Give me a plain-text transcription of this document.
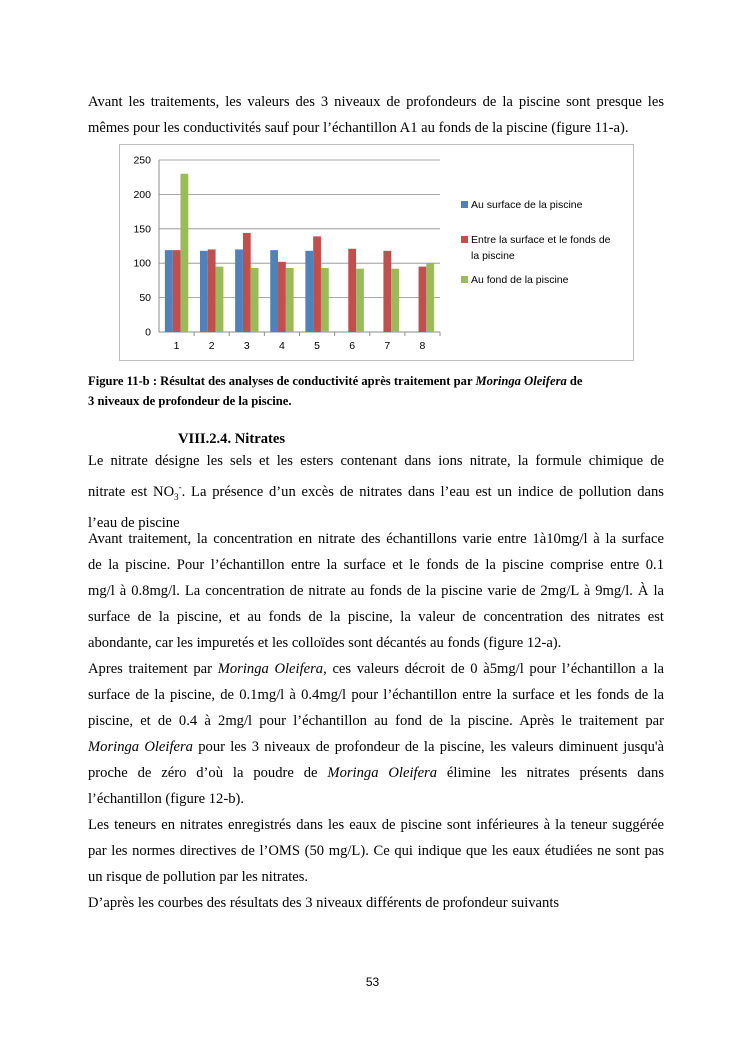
Avant les traitements, les valeurs des 3 niveaux de profondeurs de la piscine sont presque les
mêmes pour les conductivités sauf pour l’échantillon A1 au fonds de la piscine (figure 11-a).
0
50
100
150
200
250
1	2	3	4	5	6	7	8
Au surface de la piscine
Entre la surface et le fonds de
la piscine
Au fond de la piscine
Figure 11-b : Résultat des analyses de conductivité après traitement par Moringa Oleifera de
3 niveaux de profondeur de la piscine.
VIII.2.4. Nitrates
Le nitrate désigne les sels et les esters contenant dans ions nitrate, la formule chimique de
nitrate est $NO_3^-$. La présence d’un excès de nitrates dans l’eau est un indice de pollution dans
l’eau de piscine
Avant traitement, la concentration en nitrate des échantillons varie entre 1à10mg/l à la surface
de la piscine. Pour l’échantillon entre la surface et le fonds de la piscine comprise entre 0.1
mg/l à 0.8mg/l. La concentration de nitrate au fonds de la piscine varie de 2mg/L à 9mg/l. À la
surface de la piscine, et au fonds de la piscine, la valeur de concentration des nitrates est
abondante, car les impuretés et les colloïdes sont décantés au fonds (figure 12-a).
Apres traitement par Moringa Oleifera, ces valeurs décroit de 0 à5mg/l pour l’échantillon a la
surface de la piscine, de 0.1mg/l à 0.4mg/l pour l’échantillon entre la surface et les fonds de la
piscine, et de 0.4 à 2mg/l pour l’échantillon au fond de la piscine. Après le traitement par
Moringa Oleifera pour les 3 niveaux de profondeur de la piscine, les valeurs diminuent jusqu'à
proche de zéro d’où la poudre de Moringa Oleifera élimine les nitrates présents dans
l’échantillon (figure 12-b).
Les teneurs en nitrates enregistrés dans les eaux de piscine sont inférieures à la teneur suggérée
par les normes directives de l’OMS (50 mg/L). Ce qui indique que les eaux étudiées ne sont pas
un risque de pollution par les nitrates.
D’après les courbes des résultats des 3 niveaux différents de profondeur suivants
53
